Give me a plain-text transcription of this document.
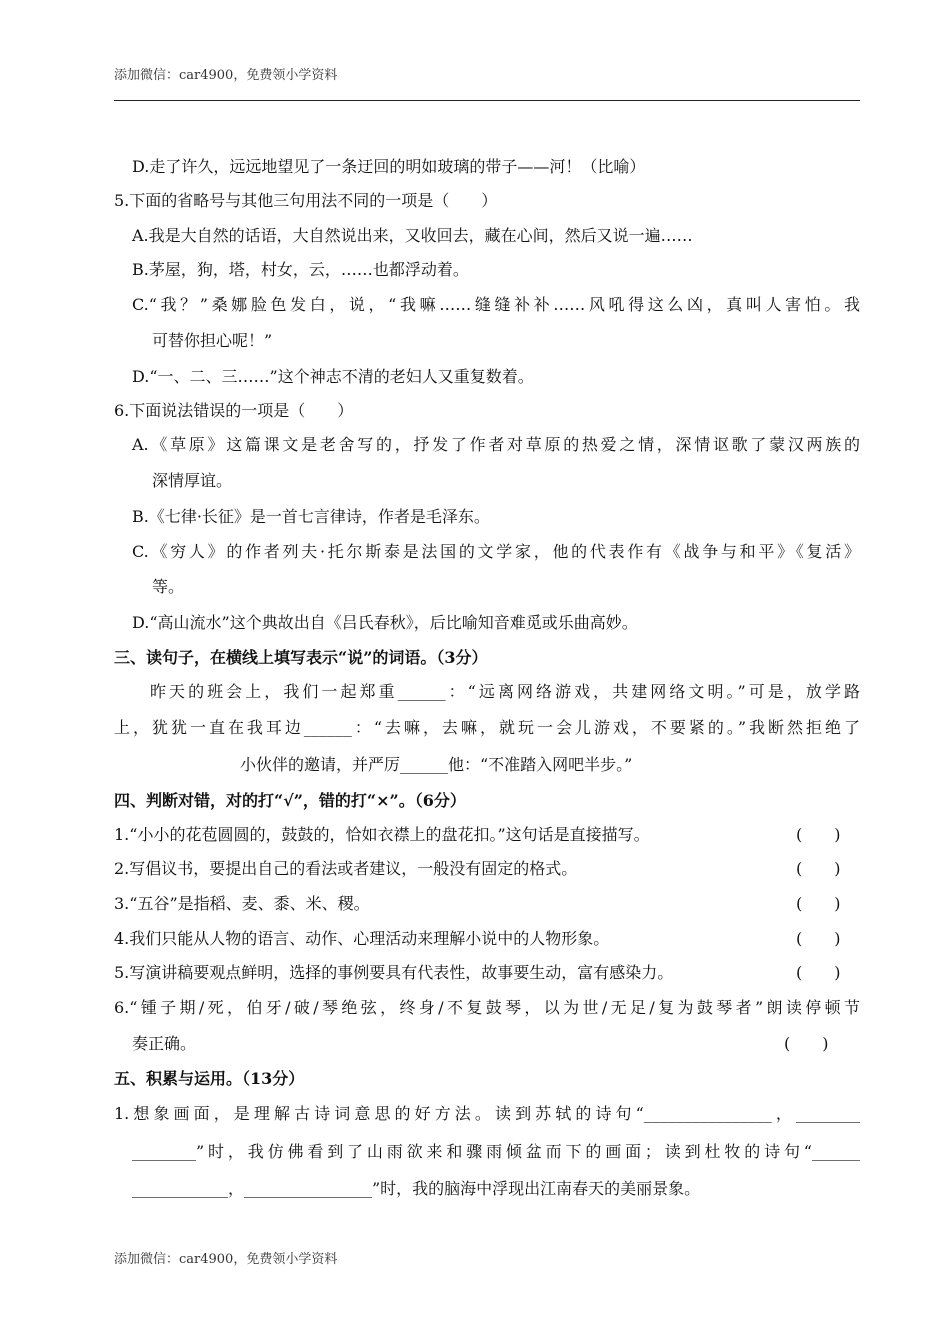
添加微信：car4900，免费领小学资料
D.走了许久，远远地望见了一条迂回的明如玻璃的带子——河！（比喻）
5.下面的省略号与其他三句用法不同的一项是（　　）
A.我是大自然的话语，大自然说出来，又收回去，藏在心间，然后又说一遍……
B.茅屋，狗，塔，村女，云，……也都浮动着。
C.“我？”桑娜脸色发白，说，“我嘛……缝缝补补……风吼得这么凶，真叫人害怕。我
可替你担心呢！”
D.“一、二、三……”这个神志不清的老妇人又重复数着。
6.下面说法错误的一项是（　　）
A.《草原》这篇课文是老舍写的，抒发了作者对草原的热爱之情，深情讴歌了蒙汉两族的
深情厚谊。
B.《七律·长征》是一首七言律诗，作者是毛泽东。
C.《穷人》的作者列夫·托尔斯泰是法国的文学家，他的代表作有《战争与和平》《复活》
等。
D.“高山流水”这个典故出自《吕氏春秋》，后比喻知音难觅或乐曲高妙。
三、读句子，在横线上填写表示“说”的词语。（3分）
昨天的班会上，我们一起郑重______：“远离网络游戏，共建网络文明。”可是，放学路
上，犹犹一直在我耳边______：“去嘛，去嘛，就玩一会儿游戏，不要紧的。”我断然拒绝了
小伙伴的邀请，并严厉______他：“不准踏入网吧半步。”
四、判断对错，对的打“√”，错的打“×”。（6分）
1.“小小的花苞圆圆的，鼓鼓的，恰如衣襟上的盘花扣。”这句话是直接描写。	(　　)
2.写倡议书，要提出自己的看法或者建议，一般没有固定的格式。	(　　)
3.“五谷”是指稻、麦、黍、米、稷。	(　　)
4.我们只能从人物的语言、动作、心理活动来理解小说中的人物形象。	(　　)
5.写演讲稿要观点鲜明，选择的事例要具有代表性，故事要生动，富有感染力。	(　　)
6.“锺子期/死，伯牙/破/琴绝弦，终身/不复鼓琴，以为世/无足/复为鼓琴者”朗读停顿节
奏正确。	(　　)
五、积累与运用。（13分）
1.想象画面，是理解古诗词意思的好方法。读到苏轼的诗句“________________，________
________”时，我仿佛看到了山雨欲来和骤雨倾盆而下的画面；读到杜牧的诗句“______
____________，________________”时，我的脑海中浮现出江南春天的美丽景象。
添加微信：car4900，免费领小学资料
